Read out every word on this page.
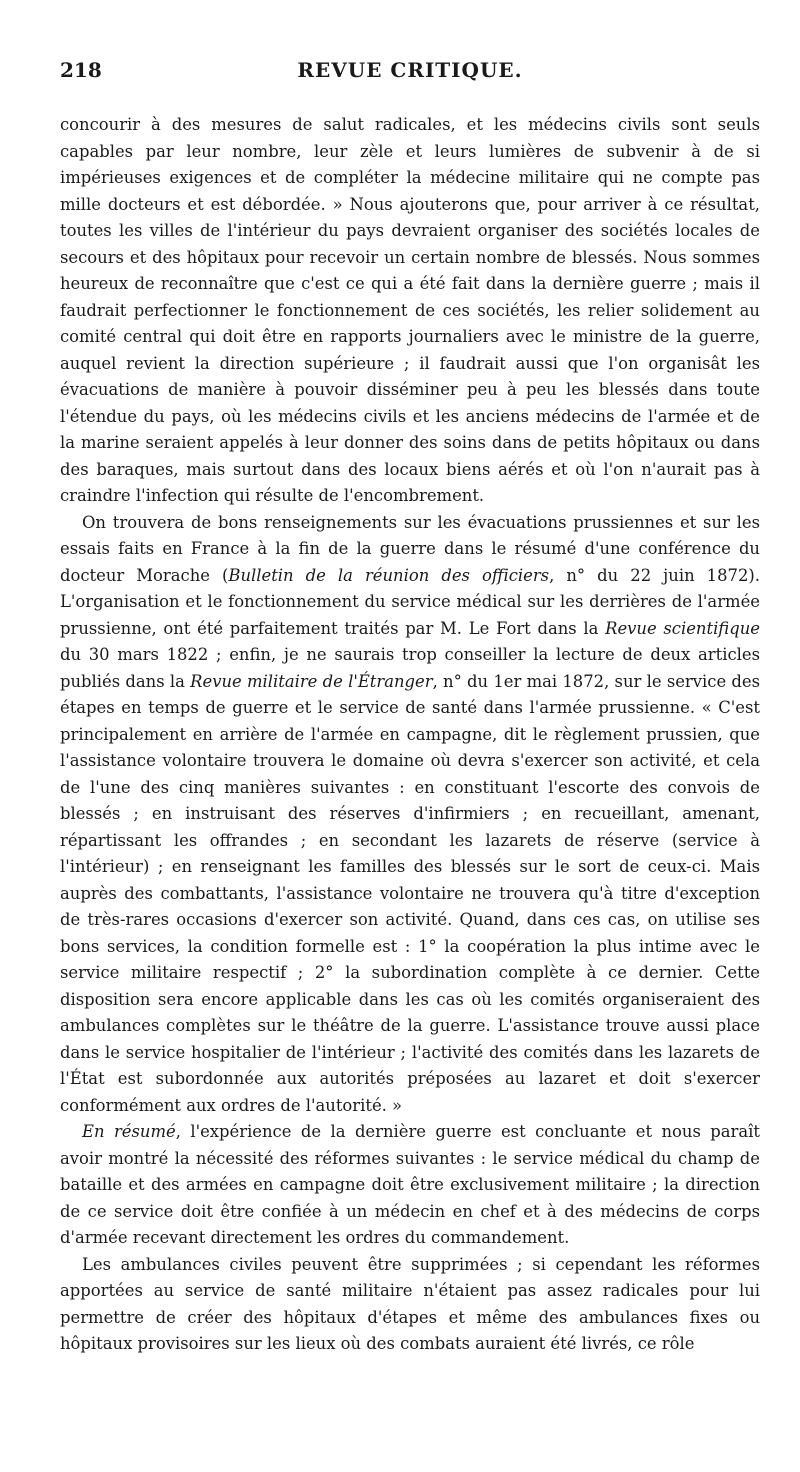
218	REVUE CRITIQUE.

concourir à des mesures de salut radicales, et les médecins civils sont seuls capables par leur nombre, leur zèle et leurs lumières de subvenir à de si impérieuses exigences et de compléter la médecine militaire qui ne compte pas mille docteurs et est débordée. » Nous ajouterons que, pour arriver à ce résultat, toutes les villes de l'intérieur du pays devraient organiser des sociétés locales de secours et des hôpitaux pour recevoir un certain nombre de blessés. Nous sommes heureux de reconnaître que c'est ce qui a été fait dans la dernière guerre ; mais il faudrait perfectionner le fonctionnement de ces sociétés, les relier solidement au comité central qui doit être en rapports journaliers avec le ministre de la guerre, auquel revient la direction supérieure ; il faudrait aussi que l'on organisât les évacuations de manière à pouvoir disséminer peu à peu les blessés dans toute l'étendue du pays, où les médecins civils et les anciens médecins de l'armée et de la marine seraient appelés à leur donner des soins dans de petits hôpitaux ou dans des baraques, mais surtout dans des locaux biens aérés et où l'on n'aurait pas à craindre l'infection qui résulte de l'encombrement.

On trouvera de bons renseignements sur les évacuations prussiennes et sur les essais faits en France à la fin de la guerre dans le résumé d'une conférence du docteur Morache (Bulletin de la réunion des officiers, n° du 22 juin 1872). L'organisation et le fonctionnement du service médical sur les derrières de l'armée prussienne, ont été parfaitement traités par M. Le Fort dans la Revue scientifique du 30 mars 1822 ; enfin, je ne saurais trop conseiller la lecture de deux articles publiés dans la Revue militaire de l'Étranger, n° du 1er mai 1872, sur le service des étapes en temps de guerre et le service de santé dans l'armée prussienne. « C'est principalement en arrière de l'armée en campagne, dit le règlement prussien, que l'assistance volontaire trouvera le domaine où devra s'exercer son activité, et cela de l'une des cinq manières suivantes : en constituant l'escorte des convois de blessés ; en instruisant des réserves d'infirmiers ; en recueillant, amenant, répartissant les offrandes ; en secondant les lazarets de réserve (service à l'intérieur) ; en renseignant les familles des blessés sur le sort de ceux-ci. Mais auprès des combattants, l'assistance volontaire ne trouvera qu'à titre d'exception de très-rares occasions d'exercer son activité. Quand, dans ces cas, on utilise ses bons services, la condition formelle est : 1° la coopération la plus intime avec le service militaire respectif ; 2° la subordination complète à ce dernier. Cette disposition sera encore applicable dans les cas où les comités organiseraient des ambulances complètes sur le théâtre de la guerre. L'assistance trouve aussi place dans le service hospitalier de l'intérieur ; l'activité des comités dans les lazarets de l'État est subordonnée aux autorités préposées au lazaret et doit s'exercer conformément aux ordres de l'autorité. »

En résumé, l'expérience de la dernière guerre est concluante et nous paraît avoir montré la nécessité des réformes suivantes : le service médical du champ de bataille et des armées en campagne doit être exclusivement militaire ; la direction de ce service doit être confiée à un médecin en chef et à des médecins de corps d'armée recevant directement les ordres du commandement.

Les ambulances civiles peuvent être supprimées ; si cependant les réformes apportées au service de santé militaire n'étaient pas assez radicales pour lui permettre de créer des hôpitaux d'étapes et même des ambulances fixes ou hôpitaux provisoires sur les lieux où des combats auraient été livrés, ce rôle
